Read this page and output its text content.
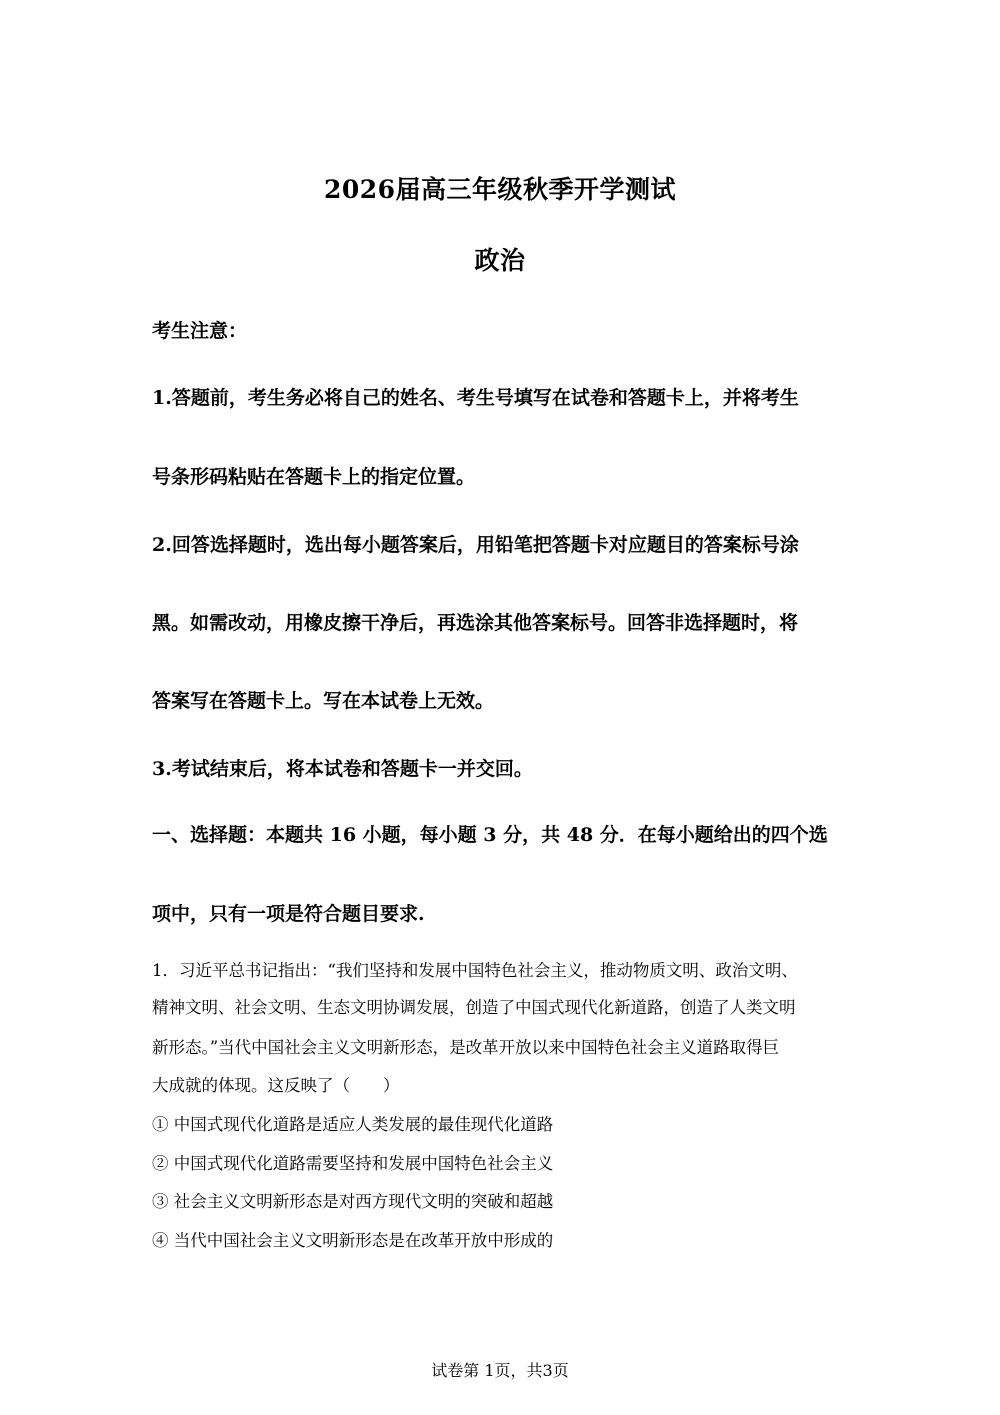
2026届高三年级秋季开学测试
政治
考生注意：
1.答题前，考生务必将自己的姓名、考生号填写在试卷和答题卡上，并将考生
号条形码粘贴在答题卡上的指定位置。
2.回答选择题时，选出每小题答案后，用铅笔把答题卡对应题目的答案标号涂
黑。如需改动，用橡皮擦干净后，再选涂其他答案标号。回答非选择题时，将
答案写在答题卡上。写在本试卷上无效。
3.考试结束后，将本试卷和答题卡一并交回。
一、选择题：本题共 16 小题，每小题 3 分，共 48 分．在每小题给出的四个选
项中，只有一项是符合题目要求.
1．习近平总书记指出：“我们坚持和发展中国特色社会主义，推动物质文明、政治文明、
精神文明、社会文明、生态文明协调发展，创造了中国式现代化新道路，创造了人类文明
新形态。”当代中国社会主义文明新形态，是改革开放以来中国特色社会主义道路取得巨
大成就的体现。这反映了（　　）
① 中国式现代化道路是适应人类发展的最佳现代化道路
② 中国式现代化道路需要坚持和发展中国特色社会主义
③ 社会主义文明新形态是对西方现代文明的突破和超越
④ 当代中国社会主义文明新形态是在改革开放中形成的
试卷第 1页，共3页
